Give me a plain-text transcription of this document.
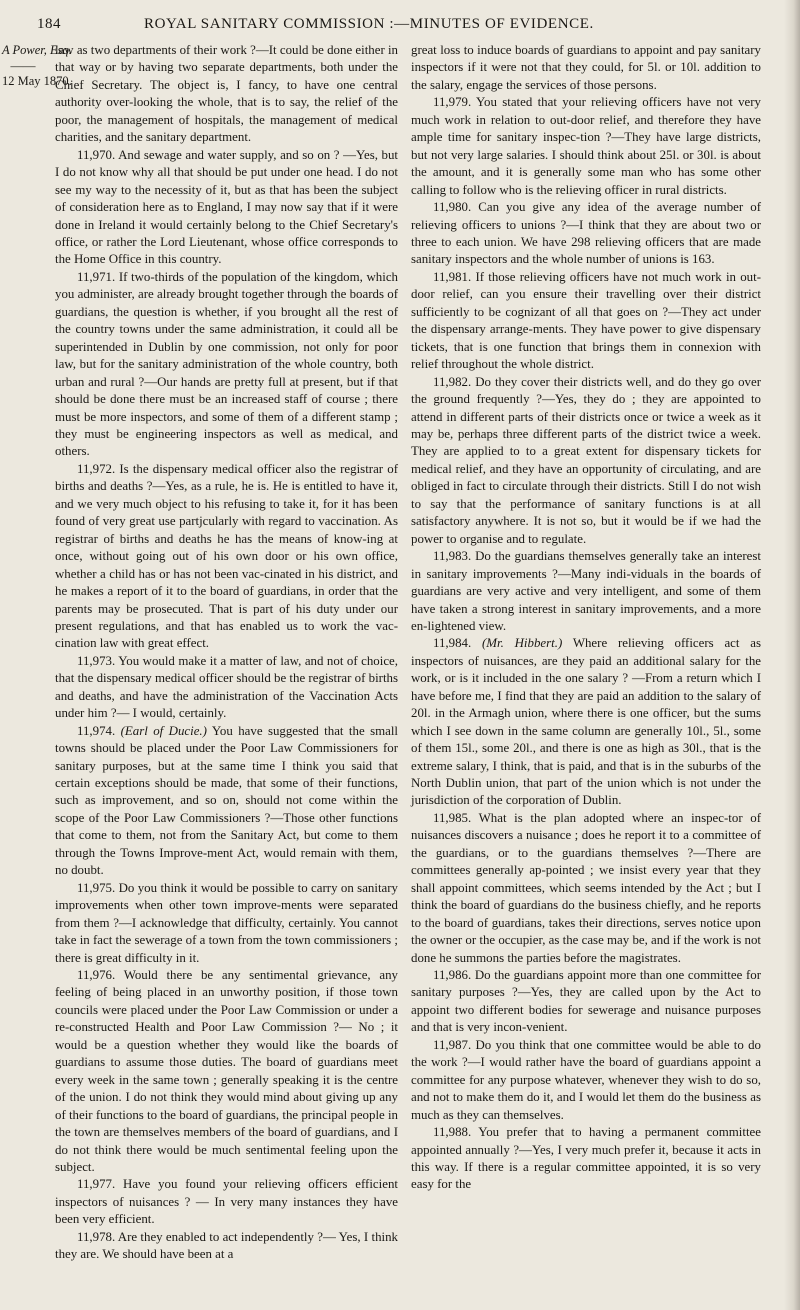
184	ROYAL SANITARY COMMISSION :—MINUTES OF EVIDENCE.
A Power, Esq.
——
12 May 1870.

law as two departments of their work ?—It could be done either in that way or by having two separate departments, both under the Chief Secretary. The object is, I fancy, to have one central authority over-looking the whole, that is to say, the relief of the poor, the management of hospitals, the management of medical charities, and the sanitary department.

11,970. And sewage and water supply, and so on ? —Yes, but I do not know why all that should be put under one head. I do not see my way to the necessity of it, but as that has been the subject of consideration here as to England, I may now say that if it were done in Ireland it would certainly belong to the Chief Secretary's office, or rather the Lord Lieutenant, whose office corresponds to the Home Office in this country.

11,971. If two-thirds of the population of the kingdom, which you administer, are already brought together through the boards of guardians, the question is whether, if you brought all the rest of the country towns under the same administration, it could all be superintended in Dublin by one commission, not only for poor law, but for the sanitary administration of the whole country, both urban and rural ?—Our hands are pretty full at present, but if that should be done there must be an increased staff of course ; there must be more inspectors, and some of them of a different stamp ; they must be engineering inspectors as well as medical, and others.

11,972. Is the dispensary medical officer also the registrar of births and deaths ?—Yes, as a rule, he is. He is entitled to have it, and we very much object to his refusing to take it, for it has been found of very great use partjcularly with regard to vaccination. As registrar of births and deaths he has the means of know-ing at once, without going out of his own door or his own office, whether a child has or has not been vac-cinated in his district, and he makes a report of it to the board of guardians, in order that the parents may be prosecuted. That is part of his duty under our present regulations, and that has enabled us to work the vac-cination law with great effect.

11,973. You would make it a matter of law, and not of choice, that the dispensary medical officer should be the registrar of births and deaths, and have the administration of the Vaccination Acts under him ?— I would, certainly.

11,974. (Earl of Ducie.) You have suggested that the small towns should be placed under the Poor Law Commissioners for sanitary purposes, but at the same time I think you said that certain exceptions should be made, that some of their functions, such as improvement, and so on, should not come within the scope of the Poor Law Commissioners ?—Those other functions that come to them, not from the Sanitary Act, but come to them through the Towns Improve-ment Act, would remain with them, no doubt.

11,975. Do you think it would be possible to carry on sanitary improvements when other town improve-ments were separated from them ?—I acknowledge that difficulty, certainly. You cannot take in fact the sewerage of a town from the town commissioners ; there is great difficulty in it.

11,976. Would there be any sentimental grievance, any feeling of being placed in an unworthy position, if those town councils were placed under the Poor Law Commission or under a re-constructed Health and Poor Law Commission ?— No ; it would be a question whether they would like the boards of guardians to assume those duties. The board of guardians meet every week in the same town ; generally speaking it is the centre of the union. I do not think they would mind about giving up any of their functions to the board of guardians, the principal people in the town are themselves members of the board of guardians, and I do not think there would be much sentimental feeling upon the subject.

11,977. Have you found your relieving officers efficient inspectors of nuisances ? — In very many instances they have been very efficient.

11,978. Are they enabled to act independently ?— Yes, I think they are. We should have been at a

great loss to induce boards of guardians to appoint and pay sanitary inspectors if it were not that they could, for 5l. or 10l. addition to the salary, engage the services of those persons.

11,979. You stated that your relieving officers have not very much work in relation to out-door relief, and therefore they have ample time for sanitary inspec-tion ?—They have large districts, but not very large salaries. I should think about 25l. or 30l. is about the amount, and it is generally some man who has some other calling to follow who is the relieving officer in rural districts.

11,980. Can you give any idea of the average number of relieving officers to unions ?—I think that they are about two or three to each union. We have 298 relieving officers that are made sanitary inspectors and the whole number of unions is 163.

11,981. If those relieving officers have not much work in out-door relief, can you ensure their travelling over their district sufficiently to be cognizant of all that goes on ?—They act under the dispensary arrange-ments. They have power to give dispensary tickets, that is one function that brings them in connexion with relief throughout the whole district.

11,982. Do they cover their districts well, and do they go over the ground frequently ?—Yes, they do ; they are appointed to attend in different parts of their districts once or twice a week as it may be, perhaps three different parts of the district twice a week. They are applied to to a great extent for dispensary tickets for medical relief, and they have an opportunity of circulating, and are obliged in fact to circulate through their districts. Still I do not wish to say that the performance of sanitary functions is at all satisfactory anywhere. It is not so, but it would be if we had the power to organise and to regulate.

11,983. Do the guardians themselves generally take an interest in sanitary improvements ?—Many indi-viduals in the boards of guardians are very active and very intelligent, and some of them have taken a strong interest in sanitary improvements, and a more en-lightened view.

11,984. (Mr. Hibbert.) Where relieving officers act as inspectors of nuisances, are they paid an additional salary for the work, or is it included in the one salary ? —From a return which I have before me, I find that they are paid an addition to the salary of 20l. in the Armagh union, where there is one officer, but the sums which I see down in the same column are generally 10l., 5l., some of them 15l., some 20l., and there is one as high as 30l., that is the extreme salary, I think, that is paid, and that is in the suburbs of the North Dublin union, that part of the union which is not under the jurisdiction of the corporation of Dublin.

11,985. What is the plan adopted where an inspec-tor of nuisances discovers a nuisance ; does he report it to a committee of the guardians, or to the guardians themselves ?—There are committees generally ap-pointed ; we insist every year that they shall appoint committees, which seems intended by the Act ; but I think the board of guardians do the business chiefly, and he reports to the board of guardians, takes their directions, serves notice upon the owner or the occupier, as the case may be, and if the work is not done he summons the parties before the magistrates.

11,986. Do the guardians appoint more than one committee for sanitary purposes ?—Yes, they are called upon by the Act to appoint two different bodies for sewerage and nuisance purposes and that is very incon-venient.

11,987. Do you think that one committee would be able to do the work ?—I would rather have the board of guardians appoint a committee for any purpose whatever, whenever they wish to do so, and not to make them do it, and I would let them do the business as much as they can themselves.

11,988. You prefer that to having a permanent committee appointed annually ?—Yes, I very much prefer it, because it acts in this way. If there is a regular committee appointed, it is so very easy for the
